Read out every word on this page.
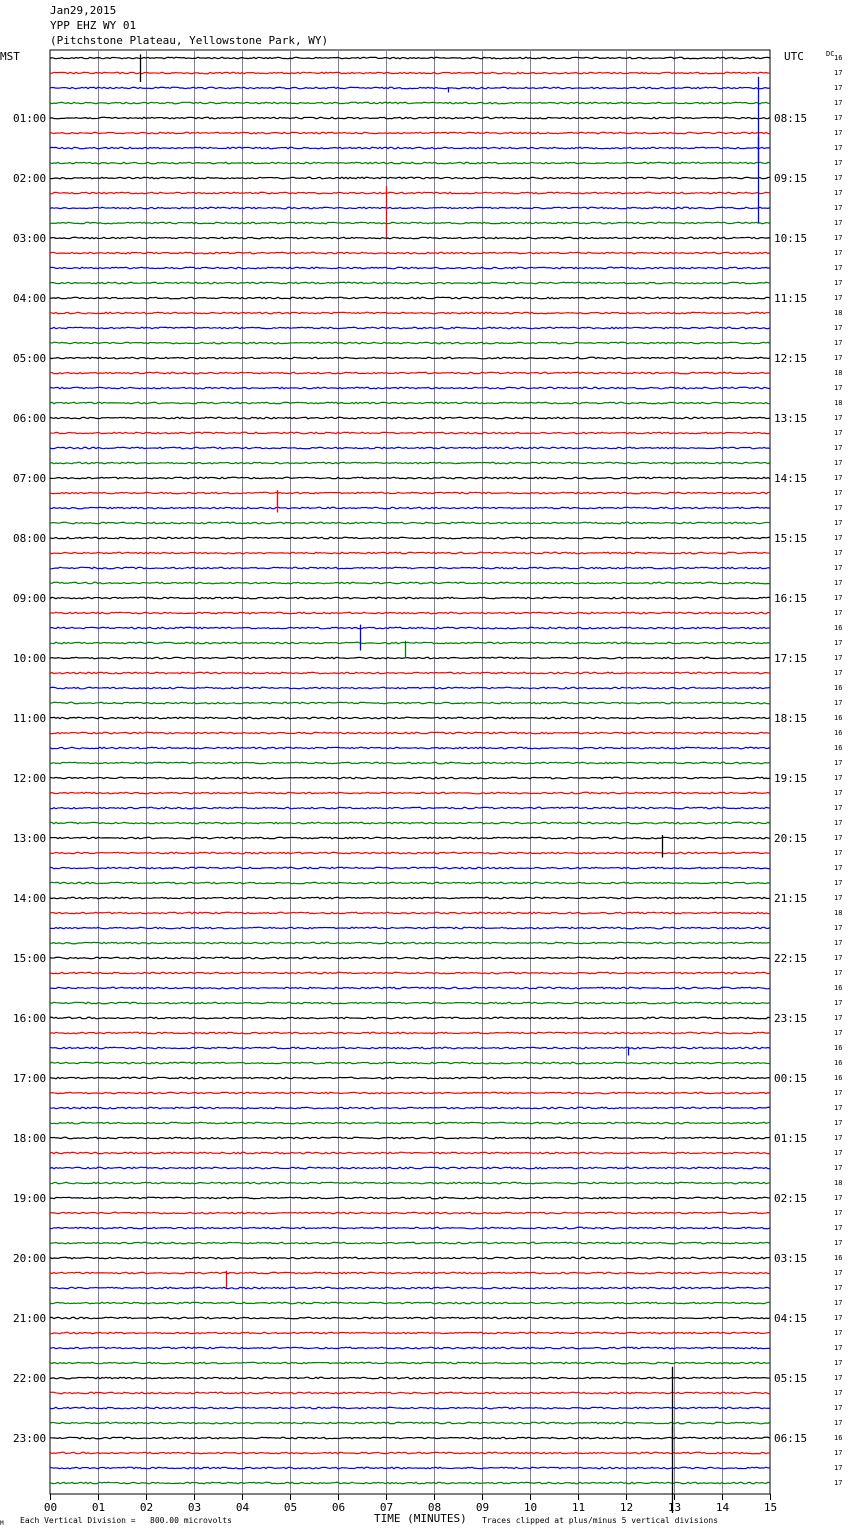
Jan29,2015
YPP EHZ WY 01
(Pitchstone Plateau, Yellowstone Park, WY)
16
17
17
17
17
17
17
17
17
17
17
17
17
17
17
17
17
18
17
17
17
18
17
18
17
17
17
17
17
17
17
17
17
17
17
17
17
17
16
17
17
17
16
17
16
16
16
17
17
17
17
17
17
17
17
17
17
18
17
17
17
17
16
17
17
17
16
16
16
17
17
17
17
17
17
18
17
17
17
17
16
17
17
17
17
17
17
17
17
17
17
17
16
17
17
17
MST
01:00
02:00
03:00
04:00
05:00
06:00
07:00
08:00
09:00
10:00
11:00
12:00
13:00
14:00
15:00
16:00
17:00
18:00
19:00
20:00
21:00
22:00
23:00
UTC
08:15
09:15
10:15
11:15
12:15
13:15
14:15
15:15
16:15
17:15
18:15
19:15
20:15
21:15
22:15
23:15
00:15
01:15
02:15
03:15
04:15
05:15
06:15
DC
00	01	02	03	04	05	06	07	08	09	10	11	12	13	14	15
M Each Vertical Division = 800.00 microvolts	TIME (MINUTES) Traces clipped at plus/minus 5 vertical divisions
